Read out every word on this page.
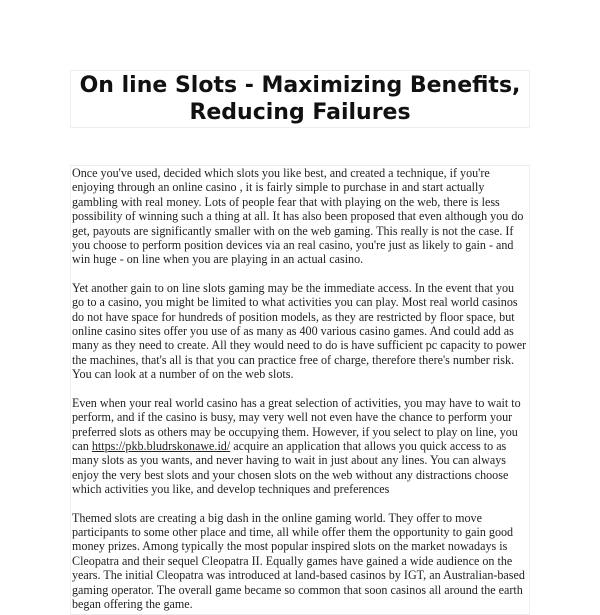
On line Slots - Maximizing Benefits, Reducing Failures

Once you've used, decided which slots you like best, and created a technique, if you're enjoying through an online casino , it is fairly simple to purchase in and start actually gambling with real money. Lots of people fear that with playing on the web, there is less possibility of winning such a thing at all. It has also been proposed that even although you do get, payouts are significantly smaller with on the web gaming. This really is not the case. If you choose to perform position devices via an real casino, you're just as likely to gain - and win huge - on line when you are playing in an actual casino.

Yet another gain to on line slots gaming may be the immediate access. In the event that you go to a casino, you might be limited to what activities you can play. Most real world casinos do not have space for hundreds of position models, as they are restricted by floor space, but online casino sites offer you use of as many as 400 various casino games. And could add as many as they need to create. All they would need to do is have sufficient pc capacity to power the machines, that's all is that you can practice free of charge, therefore there's number risk. You can look at a number of on the web slots.

Even when your real world casino has a great selection of activities, you may have to wait to perform, and if the casino is busy, may very well not even have the chance to perform your preferred slots as others may be occupying them. However, if you select to play on line, you can https://pkb.bludrskonawe.id/ acquire an application that allows you quick access to as many slots as you wants, and never having to wait in just about any lines. You can always enjoy the very best slots and your chosen slots on the web without any distractions choose which activities you like, and develop techniques and preferences

Themed slots are creating a big dash in the online gaming world. They offer to move participants to some other place and time, all while offer them the opportunity to gain good money prizes. Among typically the most popular inspired slots on the market nowadays is Cleopatra and their sequel Cleopatra II. Equally games have gained a wide audience on the years. The initial Cleopatra was introduced at land-based casinos by IGT, an Australian-based gaming operator. The overall game became so common that soon casinos all around the earth began offering the game.
